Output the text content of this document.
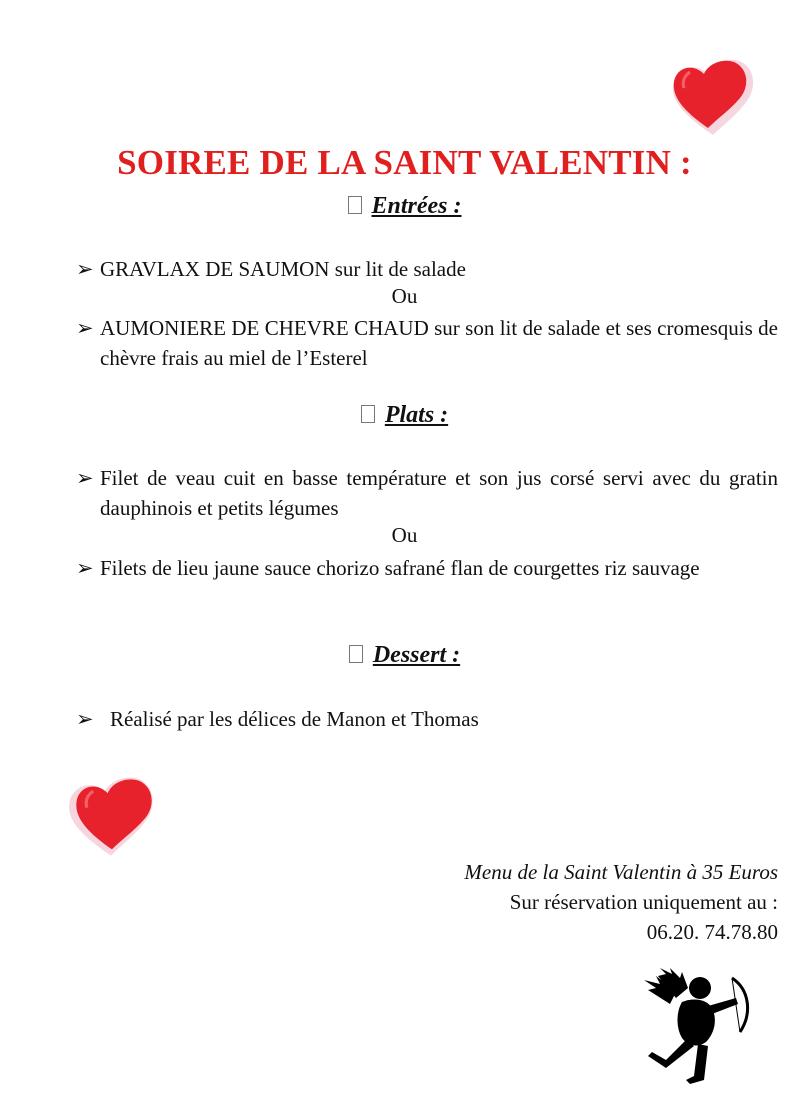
SOIREE DE LA SAINT VALENTIN :
Entrées :
➢ GRAVLAX DE SAUMON sur lit de salade
Ou
➢ AUMONIERE DE CHEVRE CHAUD sur son lit de salade et ses cromesquis de chèvre frais au miel de l’Esterel
Plats :
➢ Filet de veau cuit en basse température et son jus corsé servi avec du gratin dauphinois et petits légumes
Ou
➢ Filets de lieu jaune sauce chorizo safrané flan de courgettes riz sauvage
Dessert :
➢ Réalisé par les délices de Manon et Thomas
Menu de la Saint Valentin à 35 Euros
Sur réservation uniquement au :
06.20. 74.78.80
